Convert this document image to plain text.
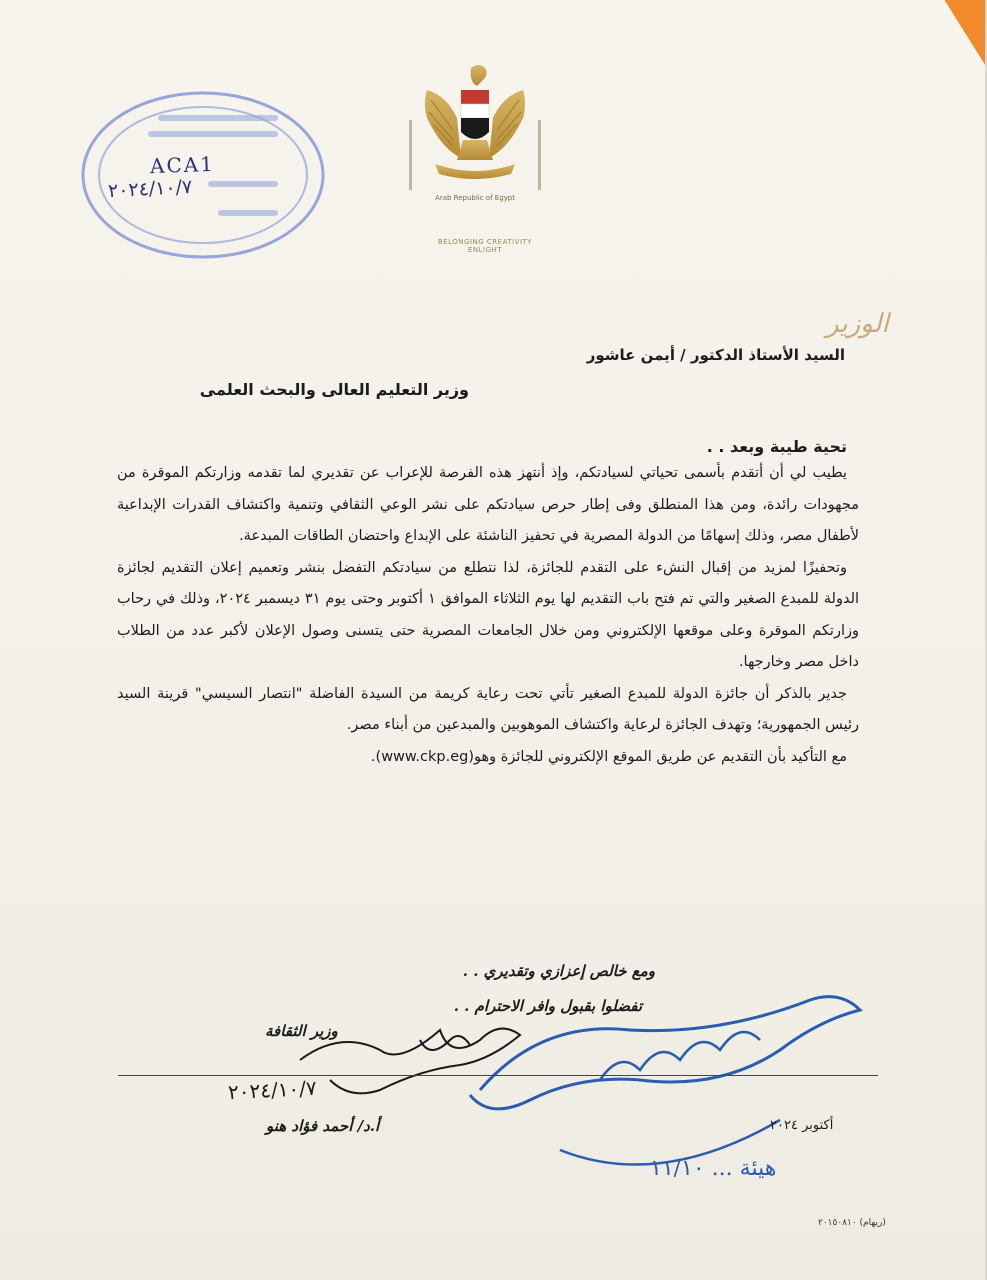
Arab Republic of Egypt
BELONGING CREATIVITY ENLIGHT
ACA1
٢٠٢٤/١٠/٧
الوزير
السيد الأستاذ الدكتور / أيمن عاشور
وزير التعليم العالى والبحث العلمى
تحية طيبة وبعد . .

يطيب لي أن أتقدم بأسمى تحياتي لسيادتكم، وإذ أنتهز هذه الفرصة للإعراب عن تقديري لما تقدمه وزارتكم الموقرة من مجهودات رائدة، ومن هذا المنطلق وفى إطار حرص سيادتكم على نشر الوعي الثقافي وتنمية واكتشاف القدرات الإبداعية لأطفال مصر، وذلك إسهامًا من الدولة المصرية في تحفيز الناشئة على الإبداع واحتضان الطاقات المبدعة.

وتحفيزًا لمزيد من إقبال النشء على التقدم للجائزة، لذا نتطلع من سيادتكم التفضل بنشر وتعميم إعلان التقديم لجائزة الدولة للمبدع الصغير والتي تم فتح باب التقديم لها يوم الثلاثاء الموافق ١ أكتوبر وحتى يوم ٣١ ديسمبر ٢٠٢٤، وذلك في رحاب وزارتكم الموقرة وعلى موقعها الإلكتروني ومن خلال الجامعات المصرية حتى يتسنى وصول الإعلان لأكبر عدد من الطلاب داخل مصر وخارجها.

جدير بالذكر أن جائزة الدولة للمبدع الصغير تأتي تحت رعاية كريمة من السيدة الفاضلة "انتصار السيسي" قرينة السيد رئيس الجمهورية؛ وتهدف الجائزة لرعاية واكتشاف الموهوبين والمبدعين من أبناء مصر.

مع التأكيد بأن التقديم عن طريق الموقع الإلكتروني للجائزة وهو(www.ckp.eg).

ومع خالص إعزازي وتقديري . .
تفضلوا بقبول وافر الاحترام . .
وزير الثقافة
هيئة ... ١١/١٠
٢٠٢٤/١٠/٧
أ.د/ أحمد فؤاد هنو	أكتوبر ٢٠٢٤
(ريهام) ٢٠١٥٠٨١٠
